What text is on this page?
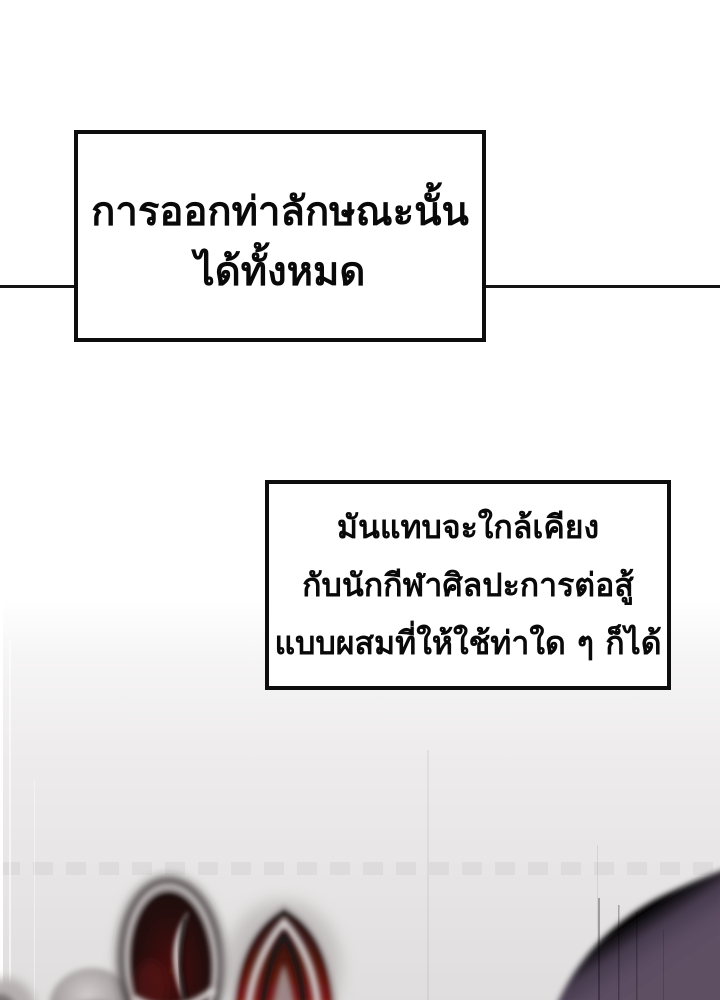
การออกท่าลักษณะนั้น
ได้ทั้งหมด
มันแทบจะใกล้เคียง
กับนักกีฬาศิลปะการต่อสู้
แบบผสมที่ให้ใช้ท่าใด ๆ ก็ได้
